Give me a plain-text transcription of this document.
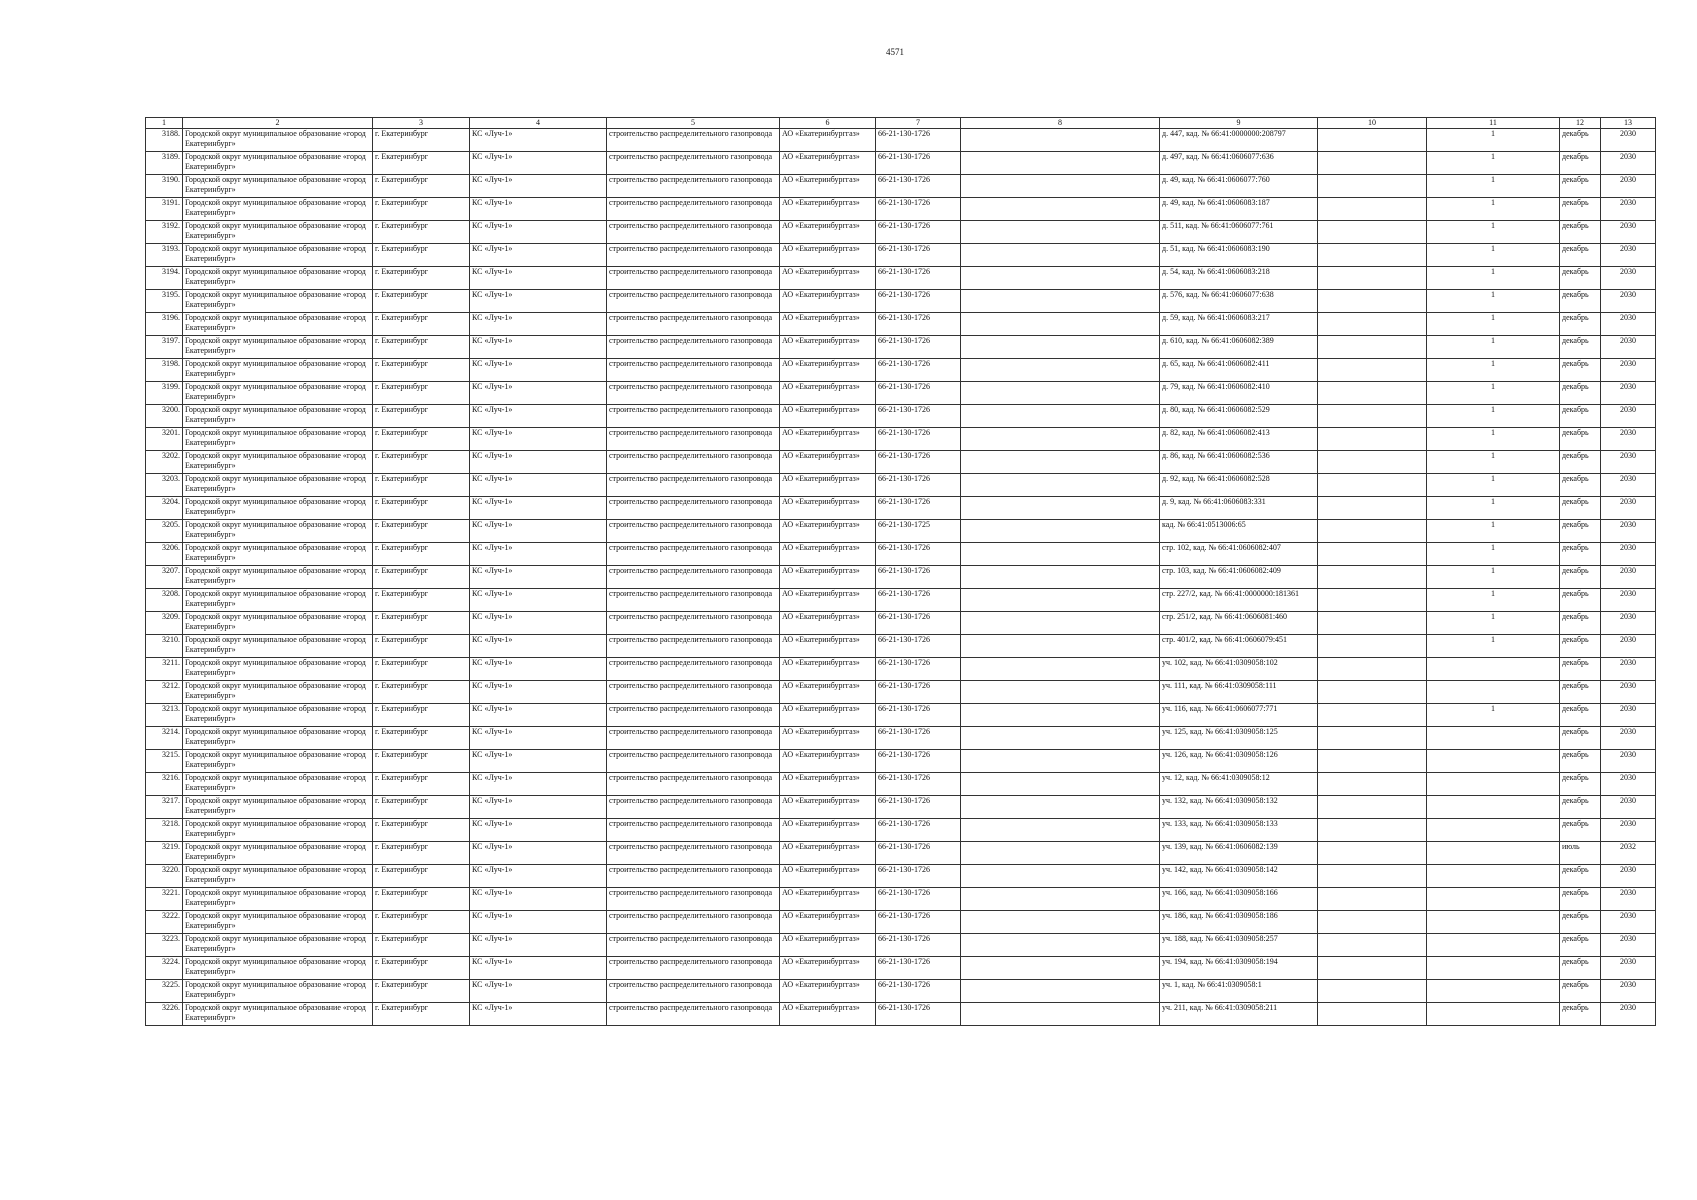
4571
1	2	3	4	5	6	7	8	9	10	11	12	13
3188.	Городской округ муниципальное образование «город Екатеринбург»	г. Екатеринбург	КС «Луч-1»	строительство распределительного газопровода	АО «Екатеринбурггаз»	66-21-130-1726		д. 447, кад. № 66:41:0000000:208797		1	декабрь	2030
3189.	Городской округ муниципальное образование «город Екатеринбург»	г. Екатеринбург	КС «Луч-1»	строительство распределительного газопровода	АО «Екатеринбурггаз»	66-21-130-1726		д. 497, кад. № 66:41:0606077:636		1	декабрь	2030
3190.	Городской округ муниципальное образование «город Екатеринбург»	г. Екатеринбург	КС «Луч-1»	строительство распределительного газопровода	АО «Екатеринбурггаз»	66-21-130-1726		д. 49, кад. № 66:41:0606077:760		1	декабрь	2030
3191.	Городской округ муниципальное образование «город Екатеринбург»	г. Екатеринбург	КС «Луч-1»	строительство распределительного газопровода	АО «Екатеринбурггаз»	66-21-130-1726		д. 49, кад. № 66:41:0606083:187		1	декабрь	2030
3192.	Городской округ муниципальное образование «город Екатеринбург»	г. Екатеринбург	КС «Луч-1»	строительство распределительного газопровода	АО «Екатеринбурггаз»	66-21-130-1726		д. 511, кад. № 66:41:0606077:761		1	декабрь	2030
3193.	Городской округ муниципальное образование «город Екатеринбург»	г. Екатеринбург	КС «Луч-1»	строительство распределительного газопровода	АО «Екатеринбурггаз»	66-21-130-1726		д. 51, кад. № 66:41:0606083:190		1	декабрь	2030
3194.	Городской округ муниципальное образование «город Екатеринбург»	г. Екатеринбург	КС «Луч-1»	строительство распределительного газопровода	АО «Екатеринбурггаз»	66-21-130-1726		д. 54, кад. № 66:41:0606083:218		1	декабрь	2030
3195.	Городской округ муниципальное образование «город Екатеринбург»	г. Екатеринбург	КС «Луч-1»	строительство распределительного газопровода	АО «Екатеринбурггаз»	66-21-130-1726		д. 576, кад. № 66:41:0606077:638		1	декабрь	2030
3196.	Городской округ муниципальное образование «город Екатеринбург»	г. Екатеринбург	КС «Луч-1»	строительство распределительного газопровода	АО «Екатеринбурггаз»	66-21-130-1726		д. 59, кад. № 66:41:0606083:217		1	декабрь	2030
3197.	Городской округ муниципальное образование «город Екатеринбург»	г. Екатеринбург	КС «Луч-1»	строительство распределительного газопровода	АО «Екатеринбурггаз»	66-21-130-1726		д. 610, кад. № 66:41:0606082:389		1	декабрь	2030
3198.	Городской округ муниципальное образование «город Екатеринбург»	г. Екатеринбург	КС «Луч-1»	строительство распределительного газопровода	АО «Екатеринбурггаз»	66-21-130-1726		д. 65, кад. № 66:41:0606082:411		1	декабрь	2030
3199.	Городской округ муниципальное образование «город Екатеринбург»	г. Екатеринбург	КС «Луч-1»	строительство распределительного газопровода	АО «Екатеринбурггаз»	66-21-130-1726		д. 79, кад. № 66:41:0606082:410		1	декабрь	2030
3200.	Городской округ муниципальное образование «город Екатеринбург»	г. Екатеринбург	КС «Луч-1»	строительство распределительного газопровода	АО «Екатеринбурггаз»	66-21-130-1726		д. 80, кад. № 66:41:0606082:529		1	декабрь	2030
3201.	Городской округ муниципальное образование «город Екатеринбург»	г. Екатеринбург	КС «Луч-1»	строительство распределительного газопровода	АО «Екатеринбурггаз»	66-21-130-1726		д. 82, кад. № 66:41:0606082:413		1	декабрь	2030
3202.	Городской округ муниципальное образование «город Екатеринбург»	г. Екатеринбург	КС «Луч-1»	строительство распределительного газопровода	АО «Екатеринбурггаз»	66-21-130-1726		д. 86, кад. № 66:41:0606082:536		1	декабрь	2030
3203.	Городской округ муниципальное образование «город Екатеринбург»	г. Екатеринбург	КС «Луч-1»	строительство распределительного газопровода	АО «Екатеринбурггаз»	66-21-130-1726		д. 92, кад. № 66:41:0606082:528		1	декабрь	2030
3204.	Городской округ муниципальное образование «город Екатеринбург»	г. Екатеринбург	КС «Луч-1»	строительство распределительного газопровода	АО «Екатеринбурггаз»	66-21-130-1726		д. 9, кад. № 66:41:0606083:331		1	декабрь	2030
3205.	Городской округ муниципальное образование «город Екатеринбург»	г. Екатеринбург	КС «Луч-1»	строительство распределительного газопровода	АО «Екатеринбурггаз»	66-21-130-1725		кад. № 66:41:0513006:65		1	декабрь	2030
3206.	Городской округ муниципальное образование «город Екатеринбург»	г. Екатеринбург	КС «Луч-1»	строительство распределительного газопровода	АО «Екатеринбурггаз»	66-21-130-1726		стр. 102, кад. № 66:41:0606082:407		1	декабрь	2030
3207.	Городской округ муниципальное образование «город Екатеринбург»	г. Екатеринбург	КС «Луч-1»	строительство распределительного газопровода	АО «Екатеринбурггаз»	66-21-130-1726		стр. 103, кад. № 66:41:0606082:409		1	декабрь	2030
3208.	Городской округ муниципальное образование «город Екатеринбург»	г. Екатеринбург	КС «Луч-1»	строительство распределительного газопровода	АО «Екатеринбурггаз»	66-21-130-1726		стр. 227/2, кад. № 66:41:0000000:181361		1	декабрь	2030
3209.	Городской округ муниципальное образование «город Екатеринбург»	г. Екатеринбург	КС «Луч-1»	строительство распределительного газопровода	АО «Екатеринбурггаз»	66-21-130-1726		стр. 251/2, кад. № 66:41:0606081:460		1	декабрь	2030
3210.	Городской округ муниципальное образование «город Екатеринбург»	г. Екатеринбург	КС «Луч-1»	строительство распределительного газопровода	АО «Екатеринбурггаз»	66-21-130-1726		стр. 401/2, кад. № 66:41:0606079:451		1	декабрь	2030
3211.	Городской округ муниципальное образование «город Екатеринбург»	г. Екатеринбург	КС «Луч-1»	строительство распределительного газопровода	АО «Екатеринбурггаз»	66-21-130-1726		уч. 102, кад. № 66:41:0309058:102			декабрь	2030
3212.	Городской округ муниципальное образование «город Екатеринбург»	г. Екатеринбург	КС «Луч-1»	строительство распределительного газопровода	АО «Екатеринбурггаз»	66-21-130-1726		уч. 111, кад. № 66:41:0309058:111			декабрь	2030
3213.	Городской округ муниципальное образование «город Екатеринбург»	г. Екатеринбург	КС «Луч-1»	строительство распределительного газопровода	АО «Екатеринбурггаз»	66-21-130-1726		уч. 116, кад. № 66:41:0606077:771		1	декабрь	2030
3214.	Городской округ муниципальное образование «город Екатеринбург»	г. Екатеринбург	КС «Луч-1»	строительство распределительного газопровода	АО «Екатеринбурггаз»	66-21-130-1726		уч. 125, кад. № 66:41:0309058:125			декабрь	2030
3215.	Городской округ муниципальное образование «город Екатеринбург»	г. Екатеринбург	КС «Луч-1»	строительство распределительного газопровода	АО «Екатеринбурггаз»	66-21-130-1726		уч. 126, кад. № 66:41:0309058:126			декабрь	2030
3216.	Городской округ муниципальное образование «город Екатеринбург»	г. Екатеринбург	КС «Луч-1»	строительство распределительного газопровода	АО «Екатеринбурггаз»	66-21-130-1726		уч. 12, кад. № 66:41:0309058:12			декабрь	2030
3217.	Городской округ муниципальное образование «город Екатеринбург»	г. Екатеринбург	КС «Луч-1»	строительство распределительного газопровода	АО «Екатеринбурггаз»	66-21-130-1726		уч. 132, кад. № 66:41:0309058:132			декабрь	2030
3218.	Городской округ муниципальное образование «город Екатеринбург»	г. Екатеринбург	КС «Луч-1»	строительство распределительного газопровода	АО «Екатеринбурггаз»	66-21-130-1726		уч. 133, кад. № 66:41:0309058:133			декабрь	2030
3219.	Городской округ муниципальное образование «город Екатеринбург»	г. Екатеринбург	КС «Луч-1»	строительство распределительного газопровода	АО «Екатеринбурггаз»	66-21-130-1726		уч. 139, кад. № 66:41:0606082:139			июль	2032
3220.	Городской округ муниципальное образование «город Екатеринбург»	г. Екатеринбург	КС «Луч-1»	строительство распределительного газопровода	АО «Екатеринбурггаз»	66-21-130-1726		уч. 142, кад. № 66:41:0309058:142			декабрь	2030
3221.	Городской округ муниципальное образование «город Екатеринбург»	г. Екатеринбург	КС «Луч-1»	строительство распределительного газопровода	АО «Екатеринбурггаз»	66-21-130-1726		уч. 166, кад. № 66:41:0309058:166			декабрь	2030
3222.	Городской округ муниципальное образование «город Екатеринбург»	г. Екатеринбург	КС «Луч-1»	строительство распределительного газопровода	АО «Екатеринбурггаз»	66-21-130-1726		уч. 186, кад. № 66:41:0309058:186			декабрь	2030
3223.	Городской округ муниципальное образование «город Екатеринбург»	г. Екатеринбург	КС «Луч-1»	строительство распределительного газопровода	АО «Екатеринбурггаз»	66-21-130-1726		уч. 188, кад. № 66:41:0309058:257			декабрь	2030
3224.	Городской округ муниципальное образование «город Екатеринбург»	г. Екатеринбург	КС «Луч-1»	строительство распределительного газопровода	АО «Екатеринбурггаз»	66-21-130-1726		уч. 194, кад. № 66:41:0309058:194			декабрь	2030
3225.	Городской округ муниципальное образование «город Екатеринбург»	г. Екатеринбург	КС «Луч-1»	строительство распределительного газопровода	АО «Екатеринбурггаз»	66-21-130-1726		уч. 1, кад. № 66:41:0309058:1			декабрь	2030
3226.	Городской округ муниципальное образование «город Екатеринбург»	г. Екатеринбург	КС «Луч-1»	строительство распределительного газопровода	АО «Екатеринбурггаз»	66-21-130-1726		уч. 211, кад. № 66:41:0309058:211			декабрь	2030
